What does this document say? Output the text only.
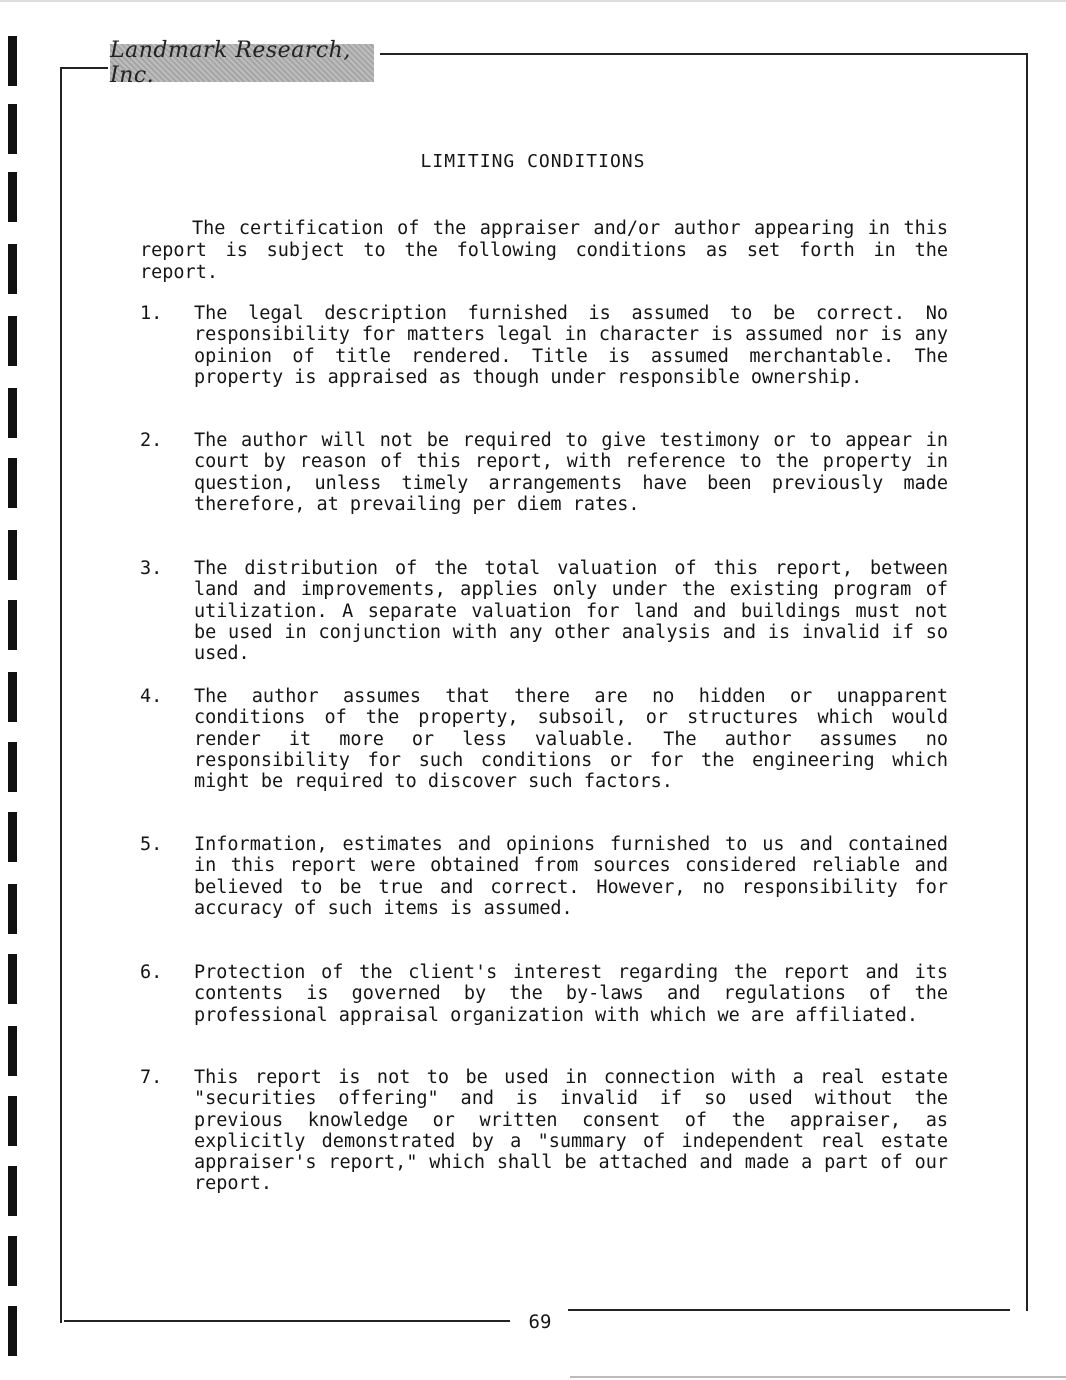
Landmark Research, Inc.
LIMITING CONDITIONS

The certification of the appraiser and/or author appearing in this report is subject to the following conditions as set forth in the report.

1.	The legal description furnished is assumed to be correct. No responsibility for matters legal in character is assumed nor is any opinion of title rendered. Title is assumed merchantable. The property is appraised as though under responsible ownership.
2.	The author will not be required to give testimony or to appear in court by reason of this report, with reference to the property in question, unless timely arrangements have been previously made therefore, at prevailing per diem rates.
3.	The distribution of the total valuation of this report, between land and improvements, applies only under the existing program of utilization. A separate valuation for land and buildings must not be used in conjunction with any other analysis and is invalid if so used.
4.	The author assumes that there are no hidden or unapparent conditions of the property, subsoil, or structures which would render it more or less valuable. The author assumes no responsibility for such conditions or for the engineering which might be required to discover such factors.
5.	Information, estimates and opinions furnished to us and contained in this report were obtained from sources considered reliable and believed to be true and correct. However, no responsibility for accuracy of such items is assumed.
6.	Protection of the client's interest regarding the report and its contents is governed by the by-laws and regulations of the professional appraisal organization with which we are affiliated.
7.	This report is not to be used in connection with a real estate "securities offering" and is invalid if so used without the previous knowledge or written consent of the appraiser, as explicitly demonstrated by a "summary of independent real estate appraiser's report," which shall be attached and made a part of our report.
69
